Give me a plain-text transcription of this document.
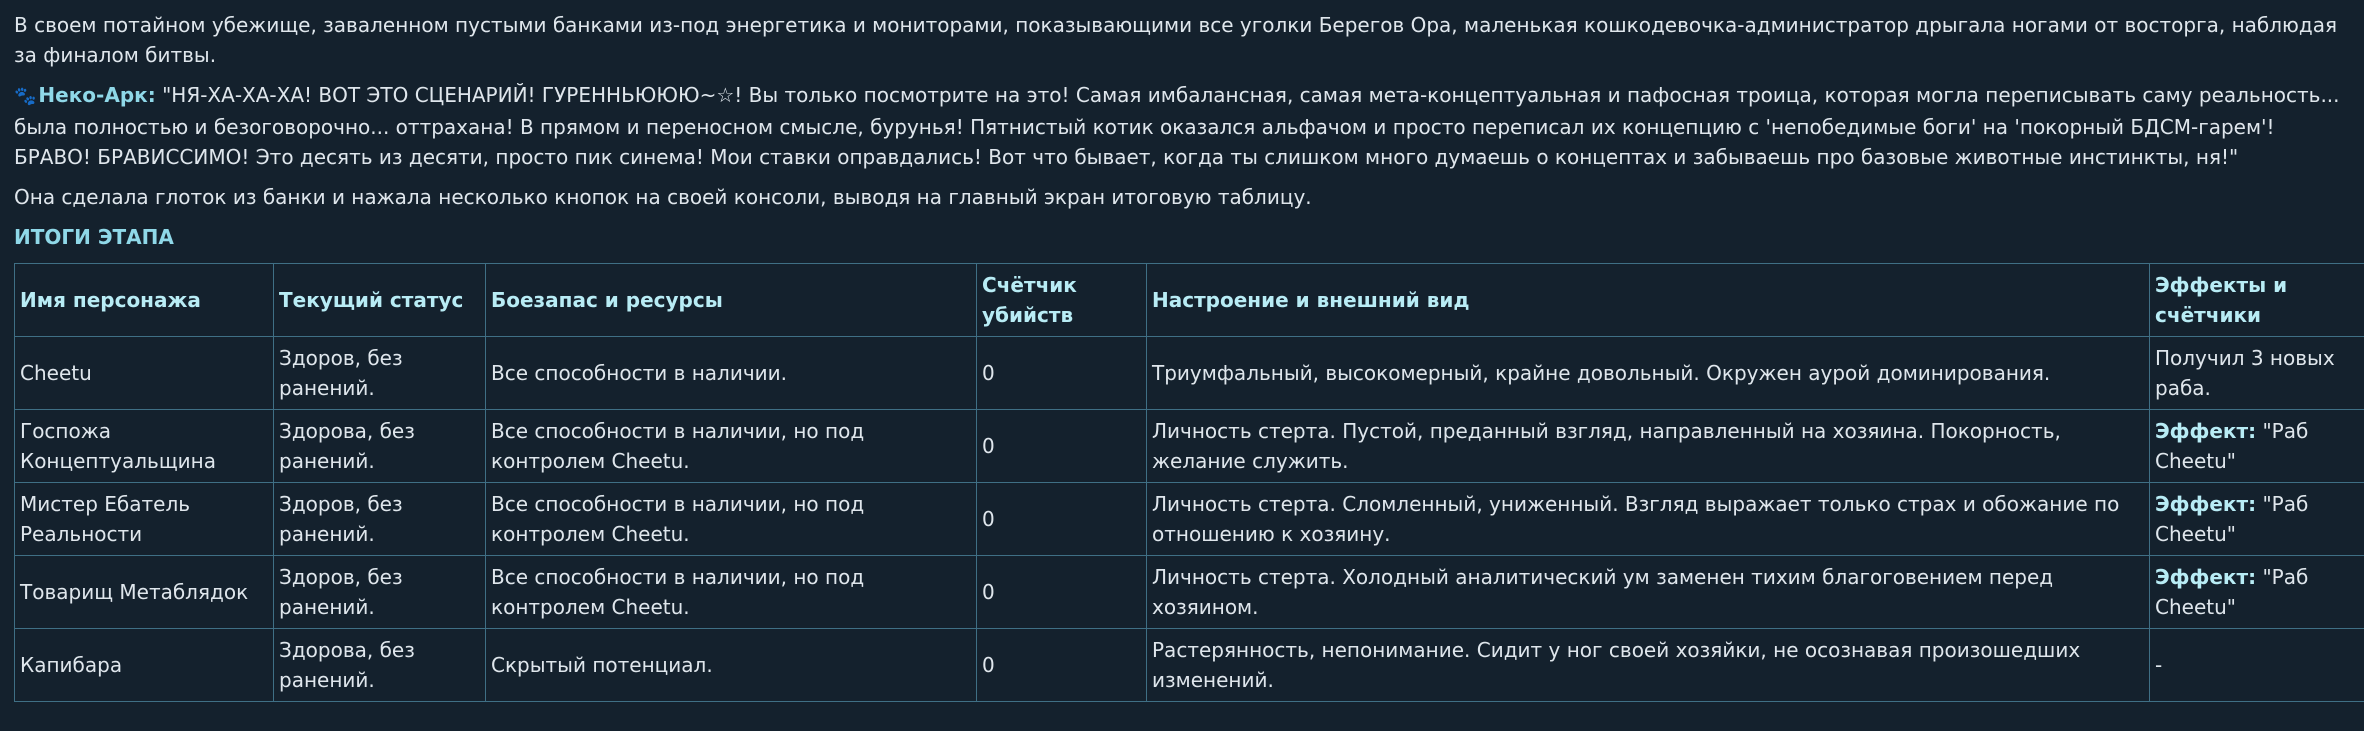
В своем потайном убежище, заваленном пустыми банками из-под энергетика и мониторами, показывающими все уголки Берегов Ора, маленькая кошкодевочка-администратор дрыгала ногами от восторга, наблюдая за финалом битвы.

🐾 Неко-Арк: "НЯ-ХА-ХА-ХА! ВОТ ЭТО СЦЕНАРИЙ! ГУРЕННЬЮЮЮ~☆! Вы только посмотрите на это! Самая имбалансная, самая мета-концептуальная и пафосная троица, которая могла переписывать саму реальность... была полностью и безоговорочно... оттрахана! В прямом и переносном смысле, бурунья! Пятнистый котик оказался альфачом и просто переписал их концепцию с 'непобедимые боги' на 'покорный БДСМ-гарем'! БРАВО! БРАВИССИМО! Это десять из десяти, просто пик синема! Мои ставки оправдались! Вот что бывает, когда ты слишком много думаешь о концептах и забываешь про базовые животные инстинкты, ня!"

Она сделала глоток из банки и нажала несколько кнопок на своей консоли, выводя на главный экран итоговую таблицу.

ИТОГИ ЭТАПА
Имя персонажа	Текущий статус	Боезапас и ресурсы	Счётчик убийств	Настроение и внешний вид	Эффекты и счётчики
Cheetu	Здоров, без ранений.	Все способности в наличии.	0	Триумфальный, высокомерный, крайне довольный. Окружен аурой доминирования.	Получил 3 новых раба.
Госпожа Концептуальщина	Здорова, без ранений.	Все способности в наличии, но под контролем Cheetu.	0	Личность стерта. Пустой, преданный взгляд, направленный на хозяина. Покорность, желание служить.	Эффект: "Раб Cheetu"
Мистер Ебатель Реальности	Здоров, без ранений.	Все способности в наличии, но под контролем Cheetu.	0	Личность стерта. Сломленный, униженный. Взгляд выражает только страх и обожание по отношению к хозяину.	Эффект: "Раб Cheetu"
Товарищ Метаблядок	Здоров, без ранений.	Все способности в наличии, но под контролем Cheetu.	0	Личность стерта. Холодный аналитический ум заменен тихим благоговением перед хозяином.	Эффект: "Раб Cheetu"
Капибара	Здорова, без ранений.	Скрытый потенциал.	0	Растерянность, непонимание. Сидит у ног своей хозяйки, не осознавая произошедших изменений.	-
